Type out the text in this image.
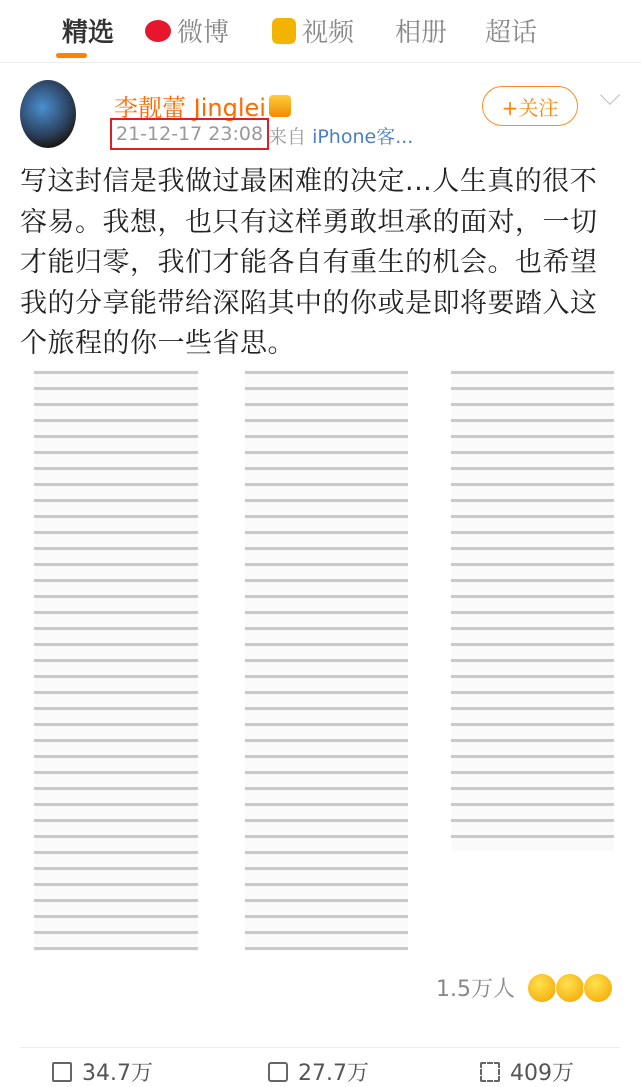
精选 微博	视频 相册 超话
李靓蕾 Jinglei
21-12-17 23:08 来自 iPhone客...
+关注
写这封信是我做过最困难的决定...人生真的很不容易。我想，也只有这样勇敢坦承的面对，一切才能归零，我们才能各自有重生的机会。也希望我的分享能带给深陷其中的你或是即将要踏入这个旅程的你一些省思。
1.5万人
34.7万	27.7万	409万
